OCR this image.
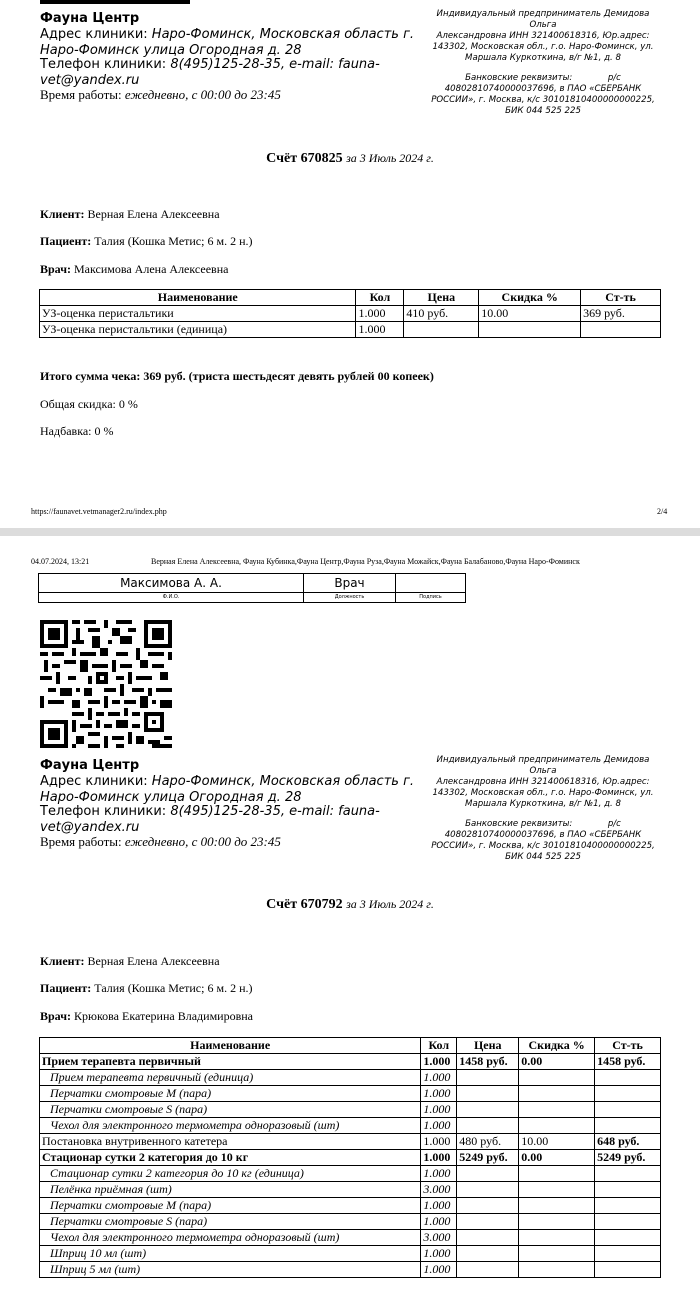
Фауна Центр
Адрес клиники: Наро-Фоминск, Московская область г.
Наро-Фоминск улица Огородная д. 28
Телефон клиники: 8(495)125-28-35, e-mail: fauna-
vet@yandex.ru
Время работы: ежедневно, с 00:00 до 23:45
Индивидуальный предприниматель Демидова Ольга
Александровна ИНН 321400618316, Юр.адрес:
143302, Московская обл., г.о. Наро-Фоминск, ул.
Маршала Куркоткина, в/г №1, д. 8
Банковские реквизиты:             р/с
40802810740000037696, в ПАО «СБЕРБАНК
РОССИИ», г. Москва, к/с 30101810400000000225,
БИК 044 525 225
Счёт 670825 за 3 Июль 2024 г.
Клиент: Верная Елена Алексеевна
Пациент: Талия (Кошка Метис; 6 м. 2 н.)
Врач: Максимова Алена Алексеевна
Наименование	Кол	Цена	Скидка %	Ст-ть
УЗ-оценка перистальтики	1.000	410 руб.	10.00	369 руб.
УЗ-оценка перистальтики (единица)	1.000			
Итого сумма чека: 369 руб. (триста шестьдесят девять рублей 00 копеек)
Общая скидка: 0 %
Надбавка: 0 %
https://faunavet.vetmanager2.ru/index.php	2/4
04.07.2024, 13:21	Верная Елена Алексеевна, Фауна Кубинка,Фауна Центр,Фауна Руза,Фауна Можайск,Фауна Балабаново,Фауна Наро-Фоминск
Максимова А. А.	Врач	
Ф.И.О.	Должность	Подпись
Фауна Центр
Адрес клиники: Наро-Фоминск, Московская область г.
Наро-Фоминск улица Огородная д. 28
Телефон клиники: 8(495)125-28-35, e-mail: fauna-
vet@yandex.ru
Время работы: ежедневно, с 00:00 до 23:45
Индивидуальный предприниматель Демидова Ольга
Александровна ИНН 321400618316, Юр.адрес:
143302, Московская обл., г.о. Наро-Фоминск, ул.
Маршала Куркоткина, в/г №1, д. 8
Банковские реквизиты:             р/с
40802810740000037696, в ПАО «СБЕРБАНК
РОССИИ», г. Москва, к/с 30101810400000000225,
БИК 044 525 225
Счёт 670792 за 3 Июль 2024 г.
Клиент: Верная Елена Алексеевна
Пациент: Талия (Кошка Метис; 6 м. 2 н.)
Врач: Крюкова Екатерина Владимировна
Наименование	Кол	Цена	Скидка %	Ст-ть
Прием терапевта первичный	1.000	1458 руб.	0.00	1458 руб.
Прием терапевта первичный (единица)	1.000			
Перчатки смотровые M (пара)	1.000			
Перчатки смотровые S (пара)	1.000			
Чехол для электронного термометра одноразовый (шт)	1.000			
Постановка внутривенного катетера	1.000	480 руб.	10.00	648 руб.
Стационар сутки 2 категория до 10 кг	1.000	5249 руб.	0.00	5249 руб.
Стационар сутки 2 категория до 10 кг (единица)	1.000			
Пелёнка приёмная (шт)	3.000			
Перчатки смотровые M (пара)	1.000			
Перчатки смотровые S (пара)	1.000			
Чехол для электронного термометра одноразовый (шт)	3.000			
Шприц 10 мл (шт)	1.000			
Шприц 5 мл (шт)	1.000			
